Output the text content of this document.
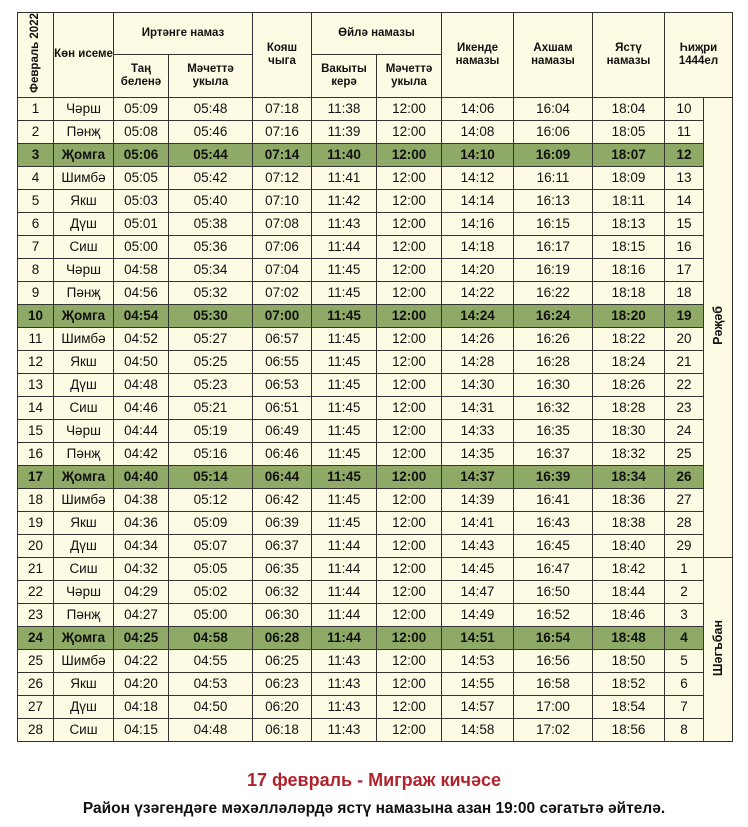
Февраль 2022	Көн исеме	Иртәнге намаз		Кояш чыга	Өйлә намазы		Икенде намазы	Ахшам намазы	Ястү намазы	Һиҗри 1444ел	
		Таң беленә	Мәчеттә укыла		Вакыты керә	Мәчеттә укыла					
1	Чәрш	05:09	05:48	07:18	11:38	12:00	14:06	16:04	18:04	10	Рәҗәб
2	Пәнҗ	05:08	05:46	07:16	11:39	12:00	14:08	16:06	18:05	11	
3	Җомга	05:06	05:44	07:14	11:40	12:00	14:10	16:09	18:07	12	
4	Шимбә	05:05	05:42	07:12	11:41	12:00	14:12	16:11	18:09	13	
5	Якш	05:03	05:40	07:10	11:42	12:00	14:14	16:13	18:11	14	
6	Дүш	05:01	05:38	07:08	11:43	12:00	14:16	16:15	18:13	15	
7	Сиш	05:00	05:36	07:06	11:44	12:00	14:18	16:17	18:15	16	
8	Чәрш	04:58	05:34	07:04	11:45	12:00	14:20	16:19	18:16	17	
9	Пәнҗ	04:56	05:32	07:02	11:45	12:00	14:22	16:22	18:18	18	
10	Җомга	04:54	05:30	07:00	11:45	12:00	14:24	16:24	18:20	19	
11	Шимбә	04:52	05:27	06:57	11:45	12:00	14:26	16:26	18:22	20	
12	Якш	04:50	05:25	06:55	11:45	12:00	14:28	16:28	18:24	21	
13	Дүш	04:48	05:23	06:53	11:45	12:00	14:30	16:30	18:26	22	
14	Сиш	04:46	05:21	06:51	11:45	12:00	14:31	16:32	18:28	23	
15	Чәрш	04:44	05:19	06:49	11:45	12:00	14:33	16:35	18:30	24	
16	Пәнҗ	04:42	05:16	06:46	11:45	12:00	14:35	16:37	18:32	25	
17	Җомга	04:40	05:14	06:44	11:45	12:00	14:37	16:39	18:34	26	
18	Шимбә	04:38	05:12	06:42	11:45	12:00	14:39	16:41	18:36	27	
19	Якш	04:36	05:09	06:39	11:45	12:00	14:41	16:43	18:38	28	
20	Дүш	04:34	05:07	06:37	11:44	12:00	14:43	16:45	18:40	29	
21	Сиш	04:32	05:05	06:35	11:44	12:00	14:45	16:47	18:42	1	Шәгъбан
22	Чәрш	04:29	05:02	06:32	11:44	12:00	14:47	16:50	18:44	2	
23	Пәнҗ	04:27	05:00	06:30	11:44	12:00	14:49	16:52	18:46	3	
24	Җомга	04:25	04:58	06:28	11:44	12:00	14:51	16:54	18:48	4	
25	Шимбә	04:22	04:55	06:25	11:43	12:00	14:53	16:56	18:50	5	
26	Якш	04:20	04:53	06:23	11:43	12:00	14:55	16:58	18:52	6	
27	Дүш	04:18	04:50	06:20	11:43	12:00	14:57	17:00	18:54	7	
28	Сиш	04:15	04:48	06:18	11:43	12:00	14:58	17:02	18:56	8	
17 февраль - Миграж кичәсе
Район үзәгендәге мәхәлләләрдә ястү намазына азан 19:00 сәгатьтә әйтелә.
